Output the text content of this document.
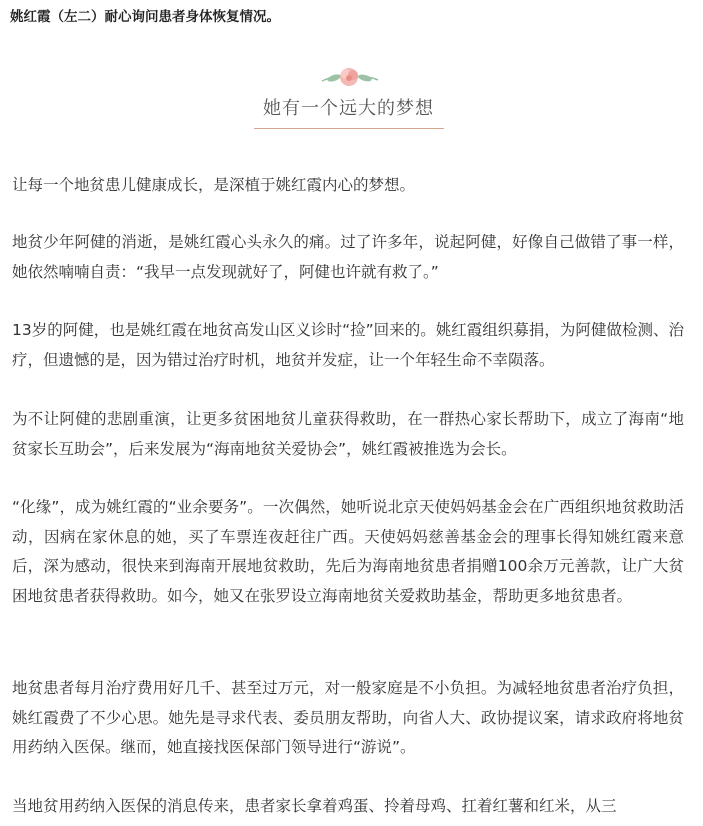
姚红霞（左二）耐心询问患者身体恢复情况。
她有一个远大的梦想

让每一个地贫患儿健康成长，是深植于姚红霞内心的梦想。

地贫少年阿健的消逝，是姚红霞心头永久的痛。过了许多年，说起阿健，好像自己做错了事一样，她依然喃喃自责：“我早一点发现就好了，阿健也许就有救了。”

13岁的阿健，也是姚红霞在地贫高发山区义诊时“捡”回来的。姚红霞组织募捐，为阿健做检测、治疗，但遗憾的是，因为错过治疗时机，地贫并发症，让一个年轻生命不幸陨落。

为不让阿健的悲剧重演，让更多贫困地贫儿童获得救助，在一群热心家长帮助下，成立了海南“地贫家长互助会”，后来发展为“海南地贫关爱协会”，姚红霞被推选为会长。

“化缘”，成为姚红霞的“业余要务”。一次偶然，她听说北京天使妈妈基金会在广西组织地贫救助活动，因病在家休息的她，买了车票连夜赶往广西。天使妈妈慈善基金会的理事长得知姚红霞来意后，深为感动，很快来到海南开展地贫救助，先后为海南地贫患者捐赠100余万元善款，让广大贫困地贫患者获得救助。如今，她又在张罗设立海南地贫关爱救助基金，帮助更多地贫患者。

地贫患者每月治疗费用好几千、甚至过万元，对一般家庭是不小负担。为减轻地贫患者治疗负担，姚红霞费了不少心思。她先是寻求代表、委员朋友帮助，向省人大、政协提议案，请求政府将地贫用药纳入医保。继而，她直接找医保部门领导进行“游说”。

当地贫用药纳入医保的消息传来，患者家长拿着鸡蛋、拎着母鸡、扛着红薯和红米，从三
